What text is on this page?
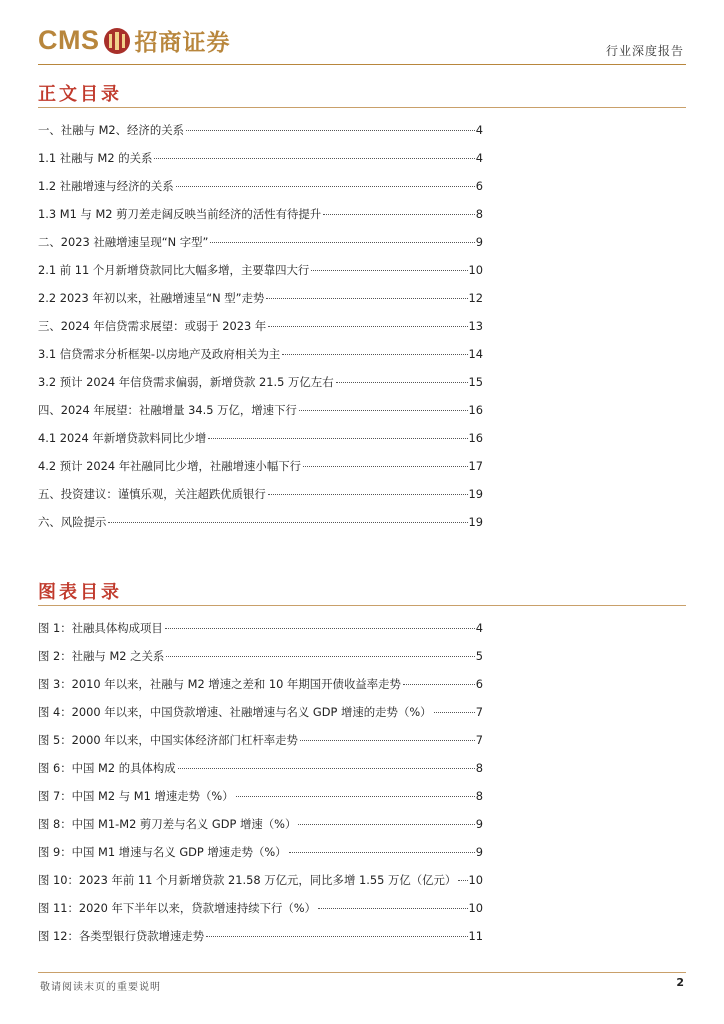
CMS 招商证券	行业深度报告
正文目录
一、社融与 M2、经济的关系	4
1.1 社融与 M2 的关系	4
1.2 社融增速与经济的关系	6
1.3 M1 与 M2 剪刀差走阔反映当前经济的活性有待提升	8
二、2023 社融增速呈现“N 字型”	9
2.1 前 11 个月新增贷款同比大幅多增，主要靠四大行	10
2.2 2023 年初以来，社融增速呈“N 型”走势	12
三、2024 年信贷需求展望：或弱于 2023 年	13
3.1 信贷需求分析框架-以房地产及政府相关为主	14
3.2 预计 2024 年信贷需求偏弱，新增贷款 21.5 万亿左右	15
四、2024 年展望：社融增量 34.5 万亿，增速下行	16
4.1 2024 年新增贷款料同比少增	16
4.2 预计 2024 年社融同比少增，社融增速小幅下行	17
五、投资建议：谨慎乐观，关注超跌优质银行	19
六、风险提示	19
图表目录
图 1：社融具体构成项目	4
图 2：社融与 M2 之关系	5
图 3：2010 年以来，社融与 M2 增速之差和 10 年期国开债收益率走势	6
图 4：2000 年以来，中国贷款增速、社融增速与名义 GDP 增速的走势（%）	7
图 5：2000 年以来，中国实体经济部门杠杆率走势	7
图 6：中国 M2 的具体构成	8
图 7：中国 M2 与 M1 增速走势（%）	8
图 8：中国 M1-M2 剪刀差与名义 GDP 增速（%）	9
图 9：中国 M1 增速与名义 GDP 增速走势（%）	9
图 10：2023 年前 11 个月新增贷款 21.58 万亿元，同比多增 1.55 万亿（亿元） 10
图 11：2020 年下半年以来，贷款增速持续下行（%）	10
图 12：各类型银行贷款增速走势	11
敬请阅读末页的重要说明	2
